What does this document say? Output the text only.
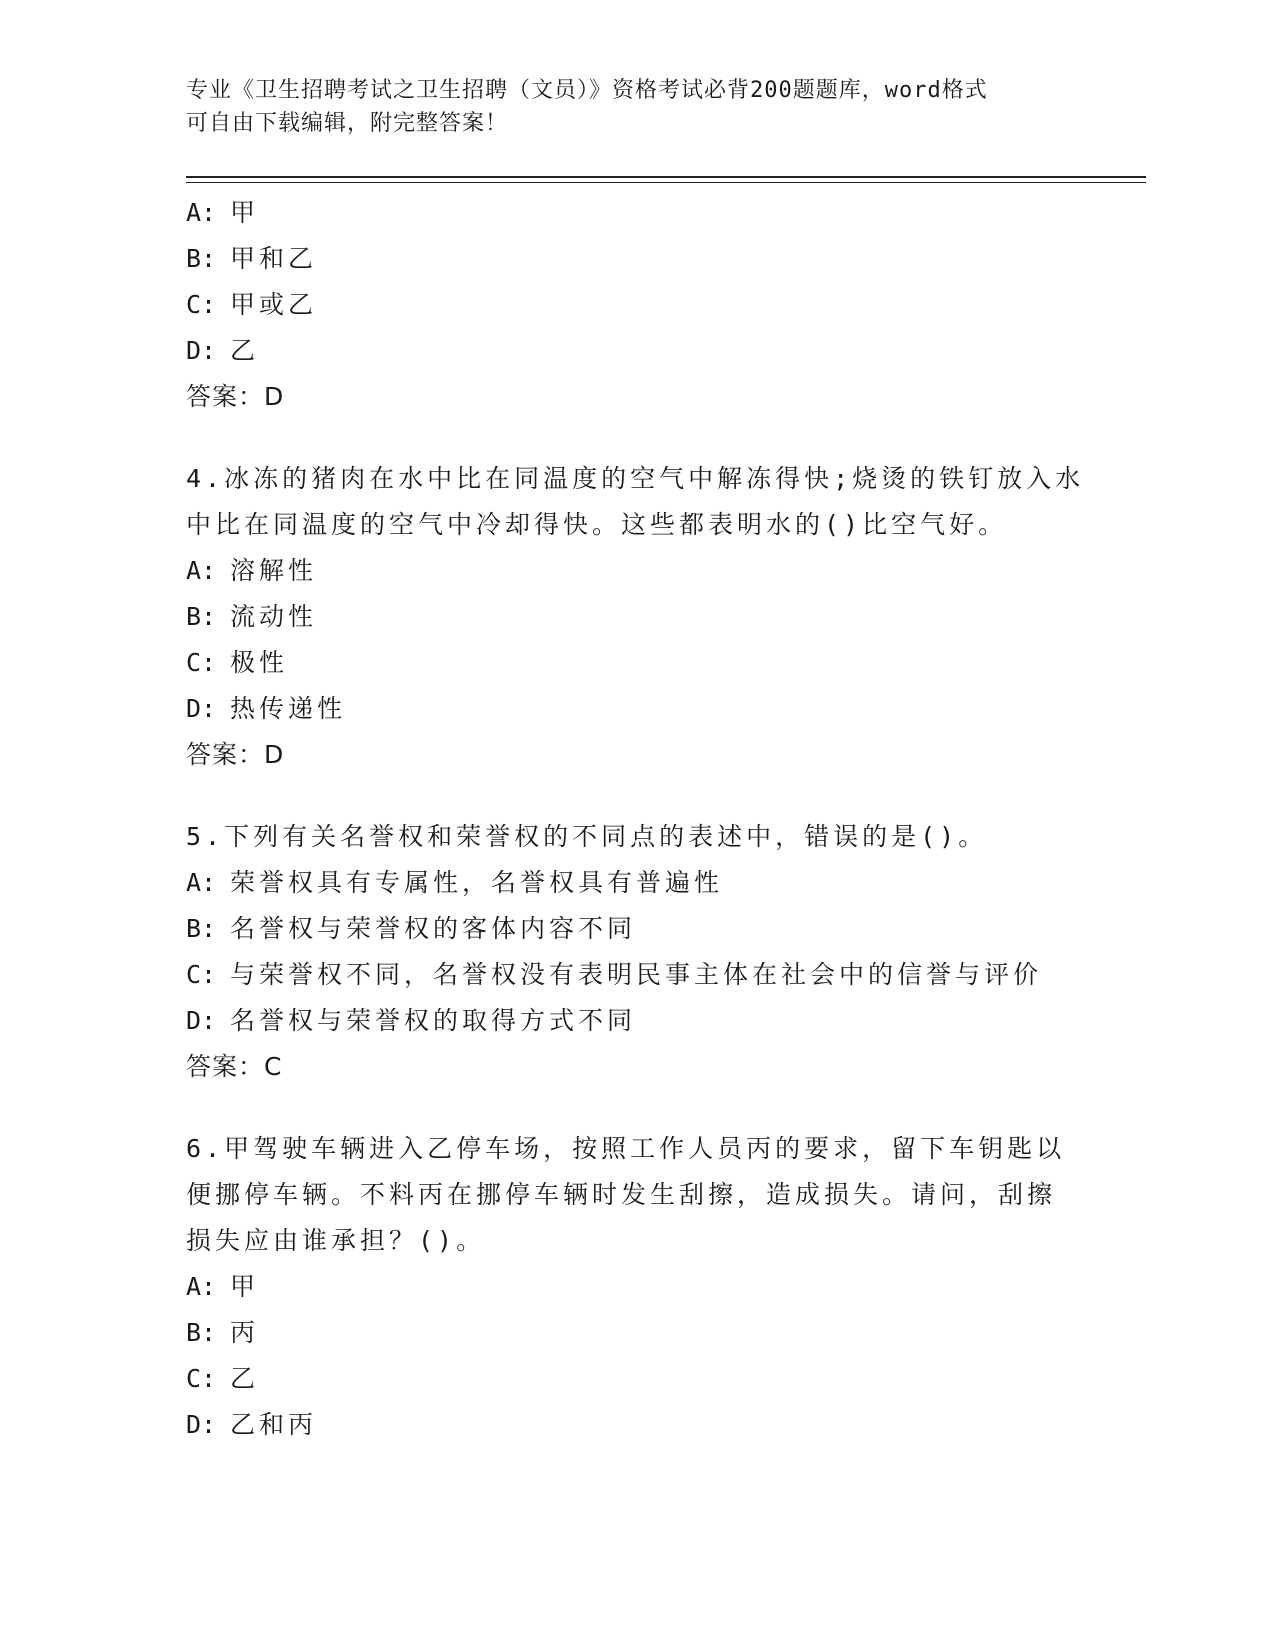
专业《卫生招聘考试之卫生招聘（文员）》资格考试必背200题题库，word格式
可自由下载编辑，附完整答案！
A: 甲
B: 甲和乙
C: 甲或乙
D: 乙
答案：D
4.冰冻的猪肉在水中比在同温度的空气中解冻得快;烧烫的铁钉放入水
中比在同温度的空气中冷却得快。这些都表明水的()比空气好。
A: 溶解性
B: 流动性
C: 极性
D: 热传递性
答案：D
5.下列有关名誉权和荣誉权的不同点的表述中，错误的是()。
A: 荣誉权具有专属性，名誉权具有普遍性
B: 名誉权与荣誉权的客体内容不同
C: 与荣誉权不同，名誉权没有表明民事主体在社会中的信誉与评价
D: 名誉权与荣誉权的取得方式不同
答案：C
6.甲驾驶车辆进入乙停车场，按照工作人员丙的要求，留下车钥匙以
便挪停车辆。不料丙在挪停车辆时发生刮擦，造成损失。请问，刮擦
损失应由谁承担？()。
A: 甲
B: 丙
C: 乙
D: 乙和丙
